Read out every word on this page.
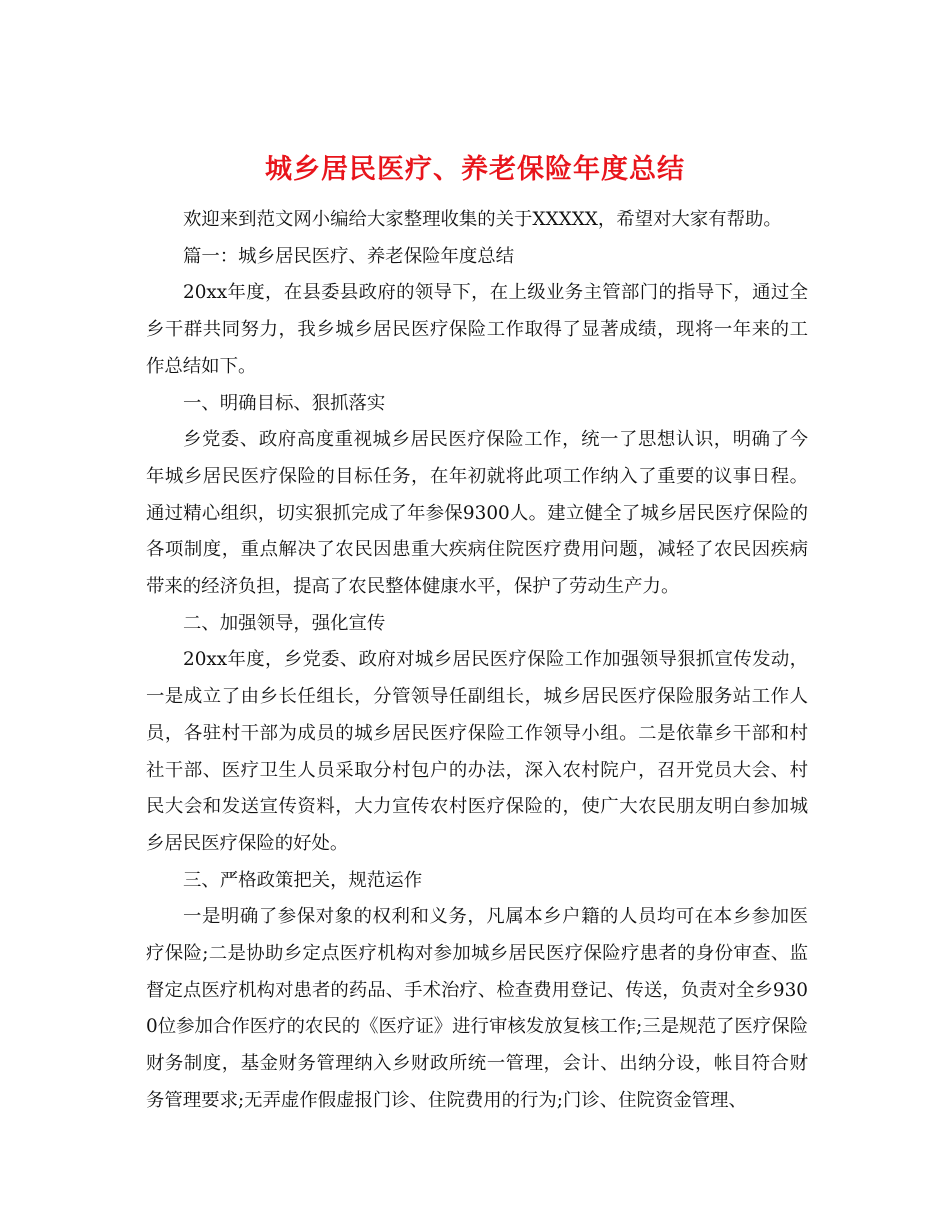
城乡居民医疗、养老保险年度总结

欢迎来到范文网小编给大家整理收集的关于XXXXX，希望对大家有帮助。

篇一：城乡居民医疗、养老保险年度总结

20xx年度，在县委县政府的领导下，在上级业务主管部门的指导下，通过全乡干群共同努力，我乡城乡居民医疗保险工作取得了显著成绩，现将一年来的工作总结如下。

一、明确目标、狠抓落实

乡党委、政府高度重视城乡居民医疗保险工作，统一了思想认识，明确了今年城乡居民医疗保险的目标任务，在年初就将此项工作纳入了重要的议事日程。通过精心组织，切实狠抓完成了年参保9300人。建立健全了城乡居民医疗保险的各项制度，重点解决了农民因患重大疾病住院医疗费用问题，减轻了农民因疾病带来的经济负担，提高了农民整体健康水平，保护了劳动生产力。

二、加强领导，强化宣传

20xx年度，乡党委、政府对城乡居民医疗保险工作加强领导狠抓宣传发动，一是成立了由乡长任组长，分管领导任副组长，城乡居民医疗保险服务站工作人员，各驻村干部为成员的城乡居民医疗保险工作领导小组。二是依靠乡干部和村社干部、医疗卫生人员采取分村包户的办法，深入农村院户，召开党员大会、村民大会和发送宣传资料，大力宣传农村医疗保险的，使广大农民朋友明白参加城乡居民医疗保险的好处。

三、严格政策把关，规范运作

一是明确了参保对象的权利和义务，凡属本乡户籍的人员均可在本乡参加医疗保险;二是协助乡定点医疗机构对参加城乡居民医疗保险疗患者的身份审查、监督定点医疗机构对患者的药品、手术治疗、检查费用登记、传送，负责对全乡9300位参加合作医疗的农民的《医疗证》进行审核发放复核工作;三是规范了医疗保险财务制度，基金财务管理纳入乡财政所统一管理，会计、出纳分设，帐目符合财务管理要求;无弄虚作假虚报门诊、住院费用的行为;门诊、住院资金管理、
